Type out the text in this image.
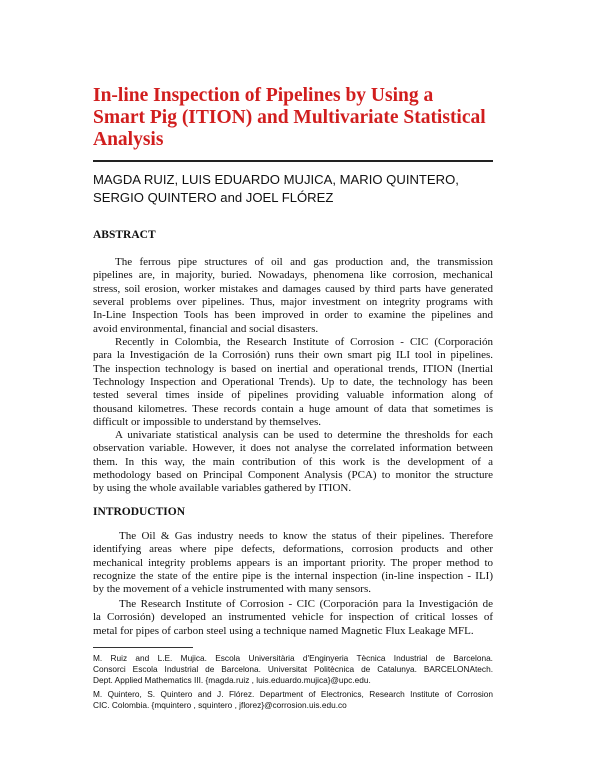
In-line Inspection of Pipelines by Using a
Smart Pig (ITION) and Multivariate Statistical
Analysis
MAGDA RUIZ, LUIS EDUARDO MUJICA, MARIO QUINTERO,
SERGIO QUINTERO and JOEL FLÓREZ
ABSTRACT
The ferrous pipe structures of oil and gas production and, the transmission
pipelines are, in majority, buried. Nowadays, phenomena like corrosion, mechanical
stress, soil erosion, worker mistakes and damages caused by third parts have generated
several problems over pipelines. Thus, major investment on integrity programs with
In-Line Inspection Tools has been improved in order to examine the pipelines and
avoid environmental, financial and social disasters.
Recently in Colombia, the Research Institute of Corrosion - CIC (Corporación
para la Investigación de la Corrosión) runs their own smart pig ILI tool in pipelines.
The inspection technology is based on inertial and operational trends, ITION (Inertial
Technology Inspection and Operational Trends). Up to date, the technology has been
tested several times inside of pipelines providing valuable information along of
thousand kilometres. These records contain a huge amount of data that sometimes is
difficult or impossible to understand by themselves.
A univariate statistical analysis can be used to determine the thresholds for each
observation variable. However, it does not analyse the correlated information between
them. In this way, the main contribution of this work is the development of a
methodology based on Principal Component Analysis (PCA) to monitor the structure
by using the whole available variables gathered by ITION.
INTRODUCTION
The Oil & Gas industry needs to know the status of their pipelines. Therefore
identifying areas where pipe defects, deformations, corrosion products and other
mechanical integrity problems appears is an important priority. The proper method to
recognize the state of the entire pipe is the internal inspection (in-line inspection - ILI)
by the movement of a vehicle instrumented with many sensors.
The Research Institute of Corrosion - CIC (Corporación para la Investigación de
la Corrosión) developed an instrumented vehicle for inspection of critical losses of
metal for pipes of carbon steel using a technique named Magnetic Flux Leakage MFL.
M. Ruiz and L.E. Mujica. Escola Universitària d'Enginyeria Tècnica Industrial de Barcelona.
Consorci Escola Industrial de Barcelona. Universitat Politècnica de Catalunya. BARCELONAtech.
Dept. Applied Mathematics III. {magda.ruiz , luis.eduardo.mujica}@upc.edu.
M. Quintero, S. Quintero and J. Flórez. Department of Electronics, Research Institute of Corrosion
CIC. Colombia. {mquintero , squintero , jflorez}@corrosion.uis.edu.co
